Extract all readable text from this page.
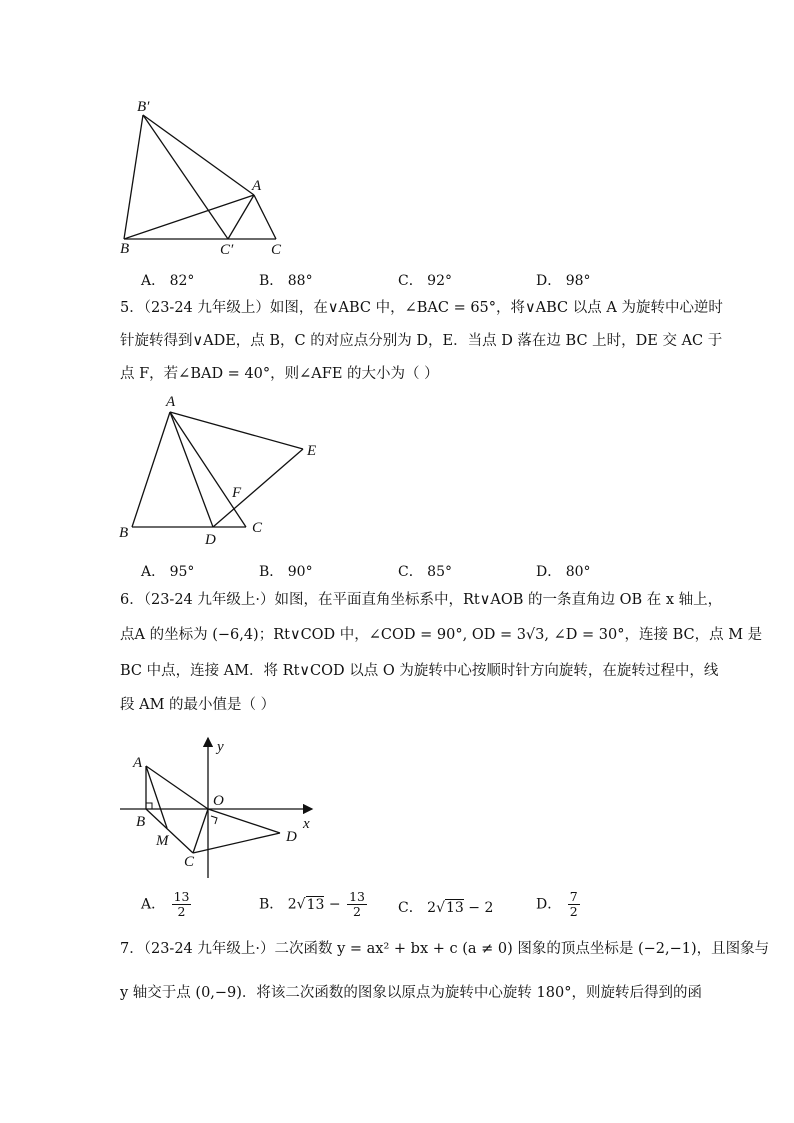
B′
A
B	C′	C
A． 82°	B． 88°	C． 92°	D． 98°
5．（23-24 九年级上）如图，在∨ABC 中，∠BAC = 65°，将∨ABC 以点 A 为旋转中心逆时
针旋转得到∨ADE，点 B，C 的对应点分别为 D，E．当点 D 落在边 BC 上时，DE 交 AC 于
点 F，若∠BAD = 40°，则∠AFE 的大小为（ ）
A
E
F
B	D
C
A． 95°	B． 90°	C． 85°	D． 80°
6．（23-24 九年级上·）如图，在平面直角坐标系中，Rt∨AOB 的一条直角边 OB 在 x 轴上，
点A 的坐标为 (−6,4)；Rt∨COD 中，∠COD = 90°, OD = 3√3, ∠D = 30°，连接 BC，点 M 是
BC 中点，连接 AM．将 Rt∨COD 以点 O 为旋转中心按顺时针方向旋转，在旋转过程中，线
段 AM 的最小值是（ ）
y
A
O
B	x
M	D
C
A． $\frac{13}{2}$	B． $2√13 - \frac{13}{2}$ C． 2√13 − 2	D． $\frac{7}{2}$
7．（23-24 九年级上·）二次函数 y = ax² + bx + c (a ≠ 0) 图象的顶点坐标是 (−2,−1)，且图象与
y 轴交于点 (0,−9)．将该二次函数的图象以原点为旋转中心旋转 180°，则旋转后得到的函
